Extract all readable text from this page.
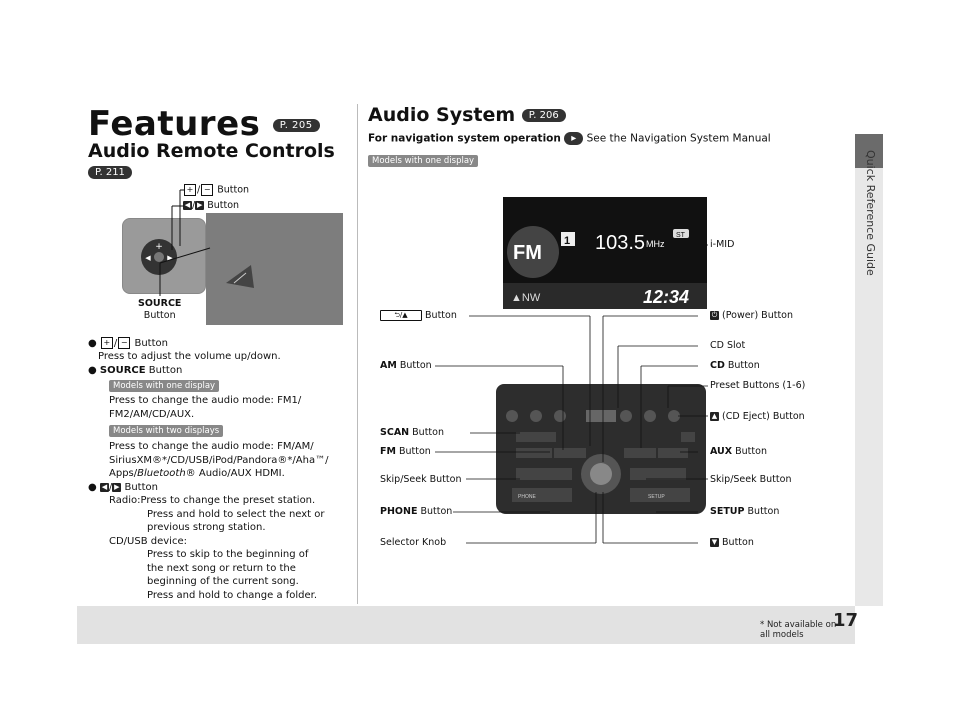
Quick Reference Guide
17
* Not available on all models
Features P. 205
Audio Remote Controls
P. 211
+ / − Button
◀ / ▶ Button
+
◀ ▶
SOURCE
Button
● + / − Button
Press to adjust the volume up/down.
● SOURCE Button
Models with one display
Press to change the audio mode: FM1/
FM2/AM/CD/AUX.
Models with two displays
Press to change the audio mode: FM/AM/
SiriusXM®*/CD/USB/iPod/Pandora®*/Aha™/
Apps/Bluetooth® Audio/AUX HDMI.
● ◀ / ▶ Button
Radio:Press to change the preset station.
Press and hold to select the next or
previous strong station.
CD/USB device:
Press to skip to the beginning of
the next song or return to the
beginning of the current song.
Press and hold to change a folder.
Audio System P. 206
For navigation system operation ▸ See the Navigation System Manual
Models with one display
FM
1 103.5 MHz
ST
▲NW	12:34
PHONE	SETUP
i-MID
⮌/▲ Button	⏻ (Power) Button
CD Slot
AM Button	CD Button
Preset Buttons (1-6)
▲ (CD Eject) Button
SCAN Button
FM Button	AUX Button
Skip/Seek Button	Skip/Seek Button
PHONE Button	SETUP Button
Selector Knob	▼ Button
